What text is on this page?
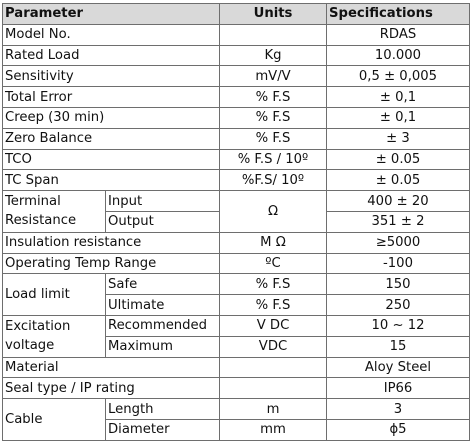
Parameter		Units	Specifications
Model No.			RDAS
Rated Load		Kg	10.000
Sensitivity		mV/V	0,5 ± 0,005
Total Error		% F.S	± 0,1
Creep (30 min)		% F.S	± 0,1
Zero Balance		% F.S	± 3
TCO		% F.S / 10º	± 0.05
TC Span		%F.S/ 10º	± 0.05

Terminal
Resistance	Input	Ω	400 ± 20
	Output		351 ± 2
Insulation resistance		M Ω	≥5000
Operating Temp Range		ºC	-100
Load limit	Safe	% F.S	150
	Ultimate	% F.S	250

Excitation
voltage	Recommended	V DC	10 ~ 12
	Maximum	VDC	15
Material			Aloy Steel
Seal type / IP rating			IP66
Cable	Length	m	3
	Diameter	mm	ϕ5
